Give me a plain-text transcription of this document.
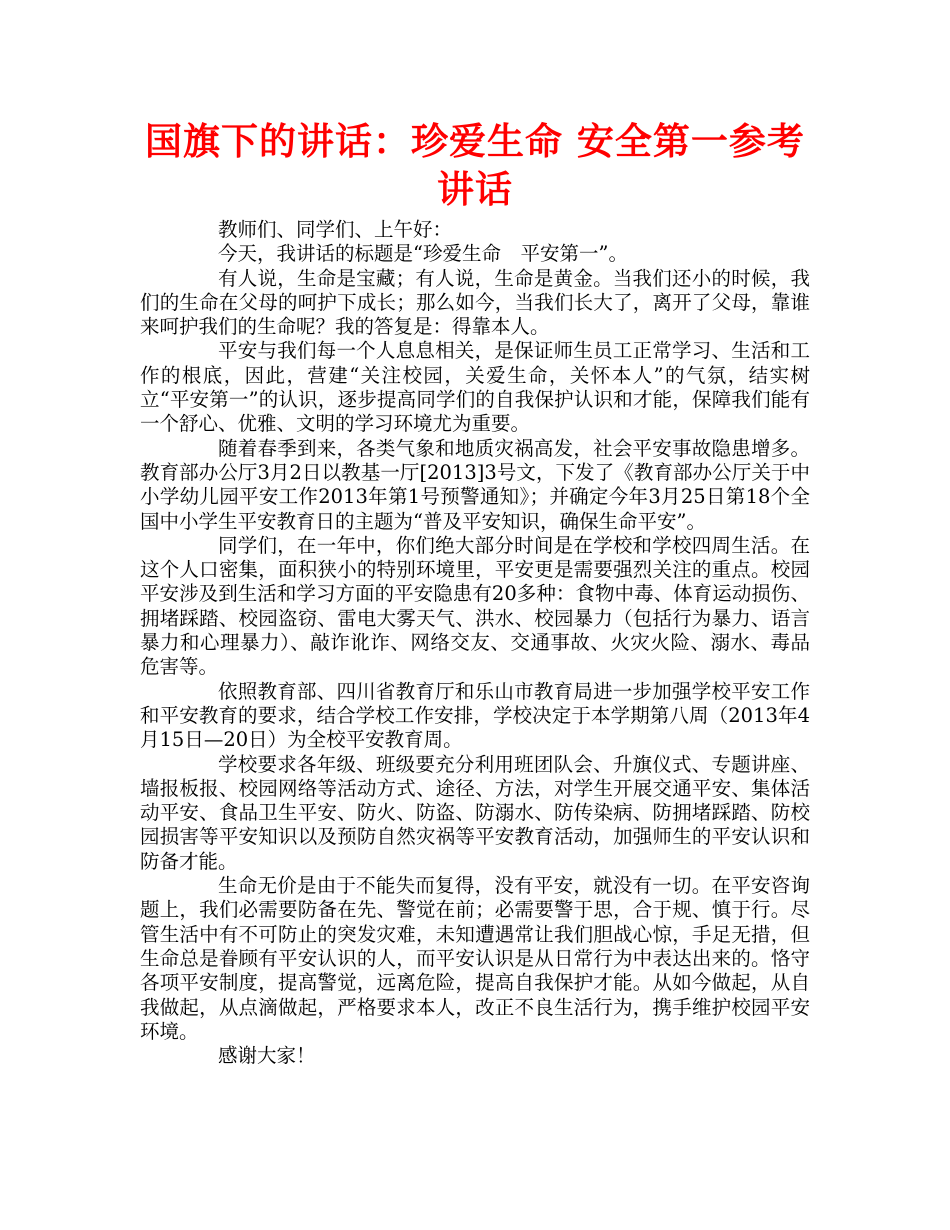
国旗下的讲话：珍爱生命 安全第一参考讲话

教师们、同学们、上午好：

今天，我讲话的标题是“珍爱生命　平安第一”。

有人说，生命是宝藏；有人说，生命是黄金。当我们还小的时候，我们的生命在父母的呵护下成长；那么如今，当我们长大了，离开了父母，靠谁来呵护我们的生命呢？我的答复是：得靠本人。

平安与我们每一个人息息相关，是保证师生员工正常学习、生活和工作的根底，因此，营建“关注校园，关爱生命，关怀本人”的气氛，结实树立“平安第一”的认识，逐步提高同学们的自我保护认识和才能，保障我们能有一个舒心、优雅、文明的学习环境尤为重要。

随着春季到来，各类气象和地质灾祸高发，社会平安事故隐患增多。教育部办公厅3月2日以教基一厅[2013]3号文，下发了《教育部办公厅关于中小学幼儿园平安工作2013年第1号预警通知》；并确定今年3月25日第18个全国中小学生平安教育日的主题为“普及平安知识，确保生命平安”。

同学们，在一年中，你们绝大部分时间是在学校和学校四周生活。在这个人口密集，面积狭小的特别环境里，平安更是需要强烈关注的重点。校园平安涉及到生活和学习方面的平安隐患有20多种：食物中毒、体育运动损伤、拥堵踩踏、校园盗窃、雷电大雾天气、洪水、校园暴力（包括行为暴力、语言暴力和心理暴力）、敲诈讹诈、网络交友、交通事故、火灾火险、溺水、毒品危害等。

依照教育部、四川省教育厅和乐山市教育局进一步加强学校平安工作和平安教育的要求，结合学校工作安排，学校决定于本学期第八周（2013年4月15日—20日）为全校平安教育周。

学校要求各年级、班级要充分利用班团队会、升旗仪式、专题讲座、墙报板报、校园网络等活动方式、途径、方法，对学生开展交通平安、集体活动平安、食品卫生平安、防火、防盗、防溺水、防传染病、防拥堵踩踏、防校园损害等平安知识以及预防自然灾祸等平安教育活动，加强师生的平安认识和防备才能。

生命无价是由于不能失而复得，没有平安，就没有一切。在平安咨询题上，我们必需要防备在先、警觉在前；必需要警于思，合于规、慎于行。尽管生活中有不可防止的突发灾难，未知遭遇常让我们胆战心惊，手足无措，但生命总是眷顾有平安认识的人，而平安认识是从日常行为中表达出来的。恪守各项平安制度，提高警觉，远离危险，提高自我保护才能。从如今做起，从自我做起，从点滴做起，严格要求本人，改正不良生活行为，携手维护校园平安环境。

感谢大家！
